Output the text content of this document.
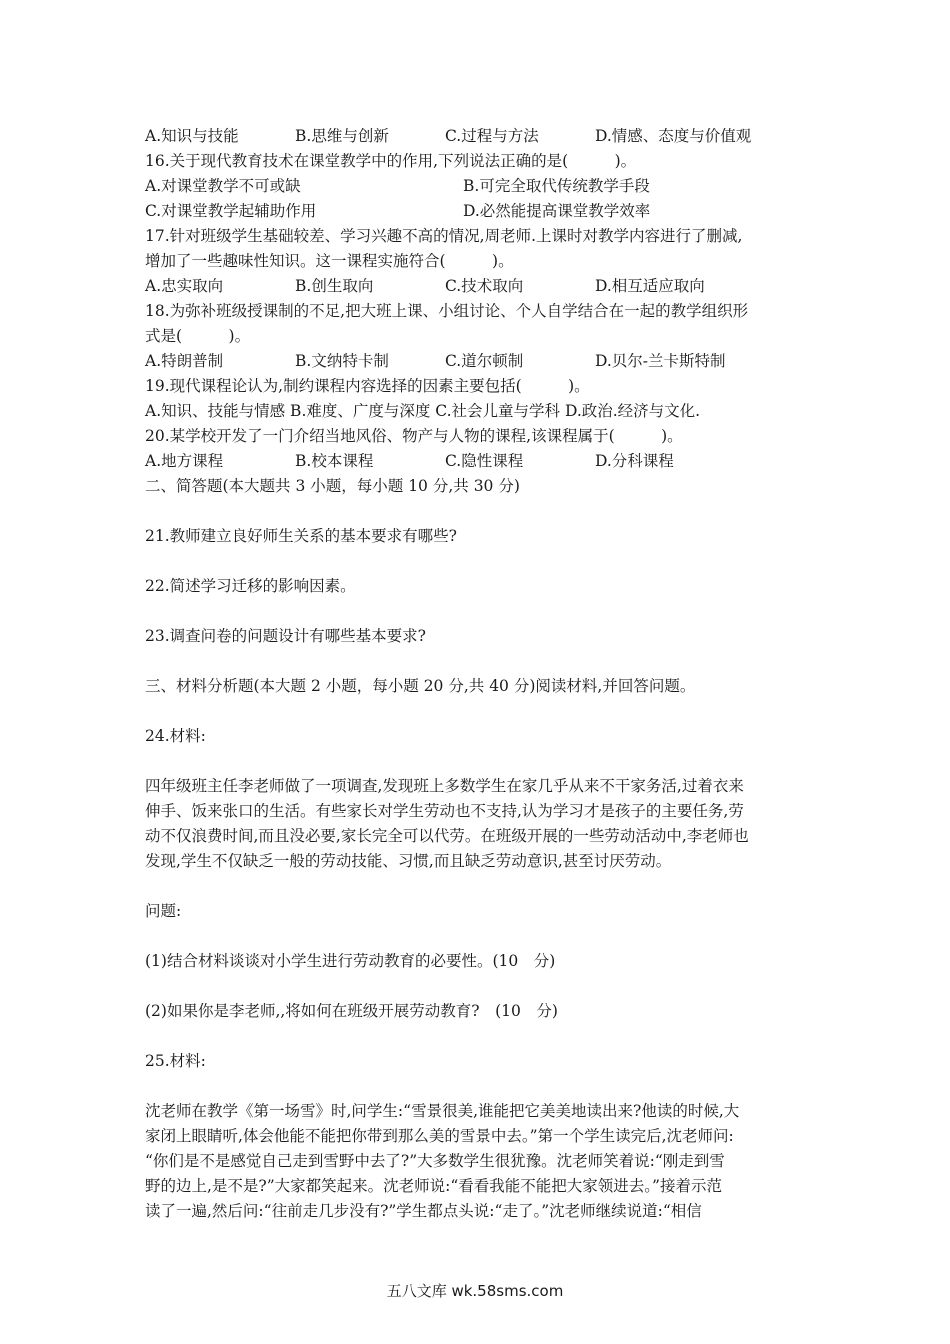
A.知识与技能	B.思维与创新	C.过程与方法	D.情感、态度与价值观
16.关于现代教育技术在课堂教学中的作用,下列说法正确的是(　　　)。
A.对课堂教学不可或缺	B.可完全取代传统教学手段
C.对课堂教学起辅助作用	D.必然能提高课堂教学效率
17.针对班级学生基础较差、学习兴趣不高的情况,周老师.上课时对教学内容进行了删减,
增加了一些趣味性知识。这一课程实施符合(　　　)。
A.忠实取向	B.创生取向	C.技术取向	D.相互适应取向
18.为弥补班级授课制的不足,把大班上课、小组讨论、个人自学结合在一起的教学组织形
式是(　　　)。
A.特朗普制	B.文纳特卡制	C.道尔顿制	D.贝尔-兰卡斯特制
19.现代课程论认为,制约课程内容选择的因素主要包括(　　　)。
A.知识、技能与情感 B.难度、广度与深度 C.社会儿童与学科 D.政治.经济与文化.
20.某学校开发了一门介绍当地风俗、物产与人物的课程,该课程属于(　　　)。
A.地方课程	B.校本课程	C.隐性课程	D.分科课程
二、简答题(本大题共 3 小题，每小题 10 分,共 30 分)
21.教师建立良好师生关系的基本要求有哪些?
22.简述学习迁移的影响因素。
23.调查问卷的问题设计有哪些基本要求?
三、材料分析题(本大题 2 小题，每小题 20 分,共 40 分)阅读材料,并回答问题。
24.材料:
四年级班主任李老师做了一项调查,发现班上多数学生在家几乎从来不干家务活,过着衣来
伸手、饭来张口的生活。有些家长对学生劳动也不支持,认为学习才是孩子的主要任务,劳
动不仅浪费时间,而且没必要,家长完全可以代劳。在班级开展的一些劳动活动中,李老师也
发现,学生不仅缺乏一般的劳动技能、习惯,而且缺乏劳动意识,甚至讨厌劳动。
问题:
(1)结合材料谈谈对小学生进行劳动教育的必要性。(10　分)
(2)如果你是李老师,,将如何在班级开展劳动教育?　(10　分)
25.材料:
沈老师在教学《第一场雪》时,问学生:“雪景很美,谁能把它美美地读出来?他读的时候,大
家闭上眼睛听,体会他能不能把你带到那么美的雪景中去。”第一个学生读完后,沈老师问:
“你们是不是感觉自己走到雪野中去了?”大多数学生很犹豫。沈老师笑着说:“刚走到雪
野的边上,是不是?”大家都笑起来。沈老师说:“看看我能不能把大家领进去。”接着示范
读了一遍,然后问:“往前走几步没有?”学生都点头说:“走了。”沈老师继续说道:“相信
五八文库 wk.58sms.com
